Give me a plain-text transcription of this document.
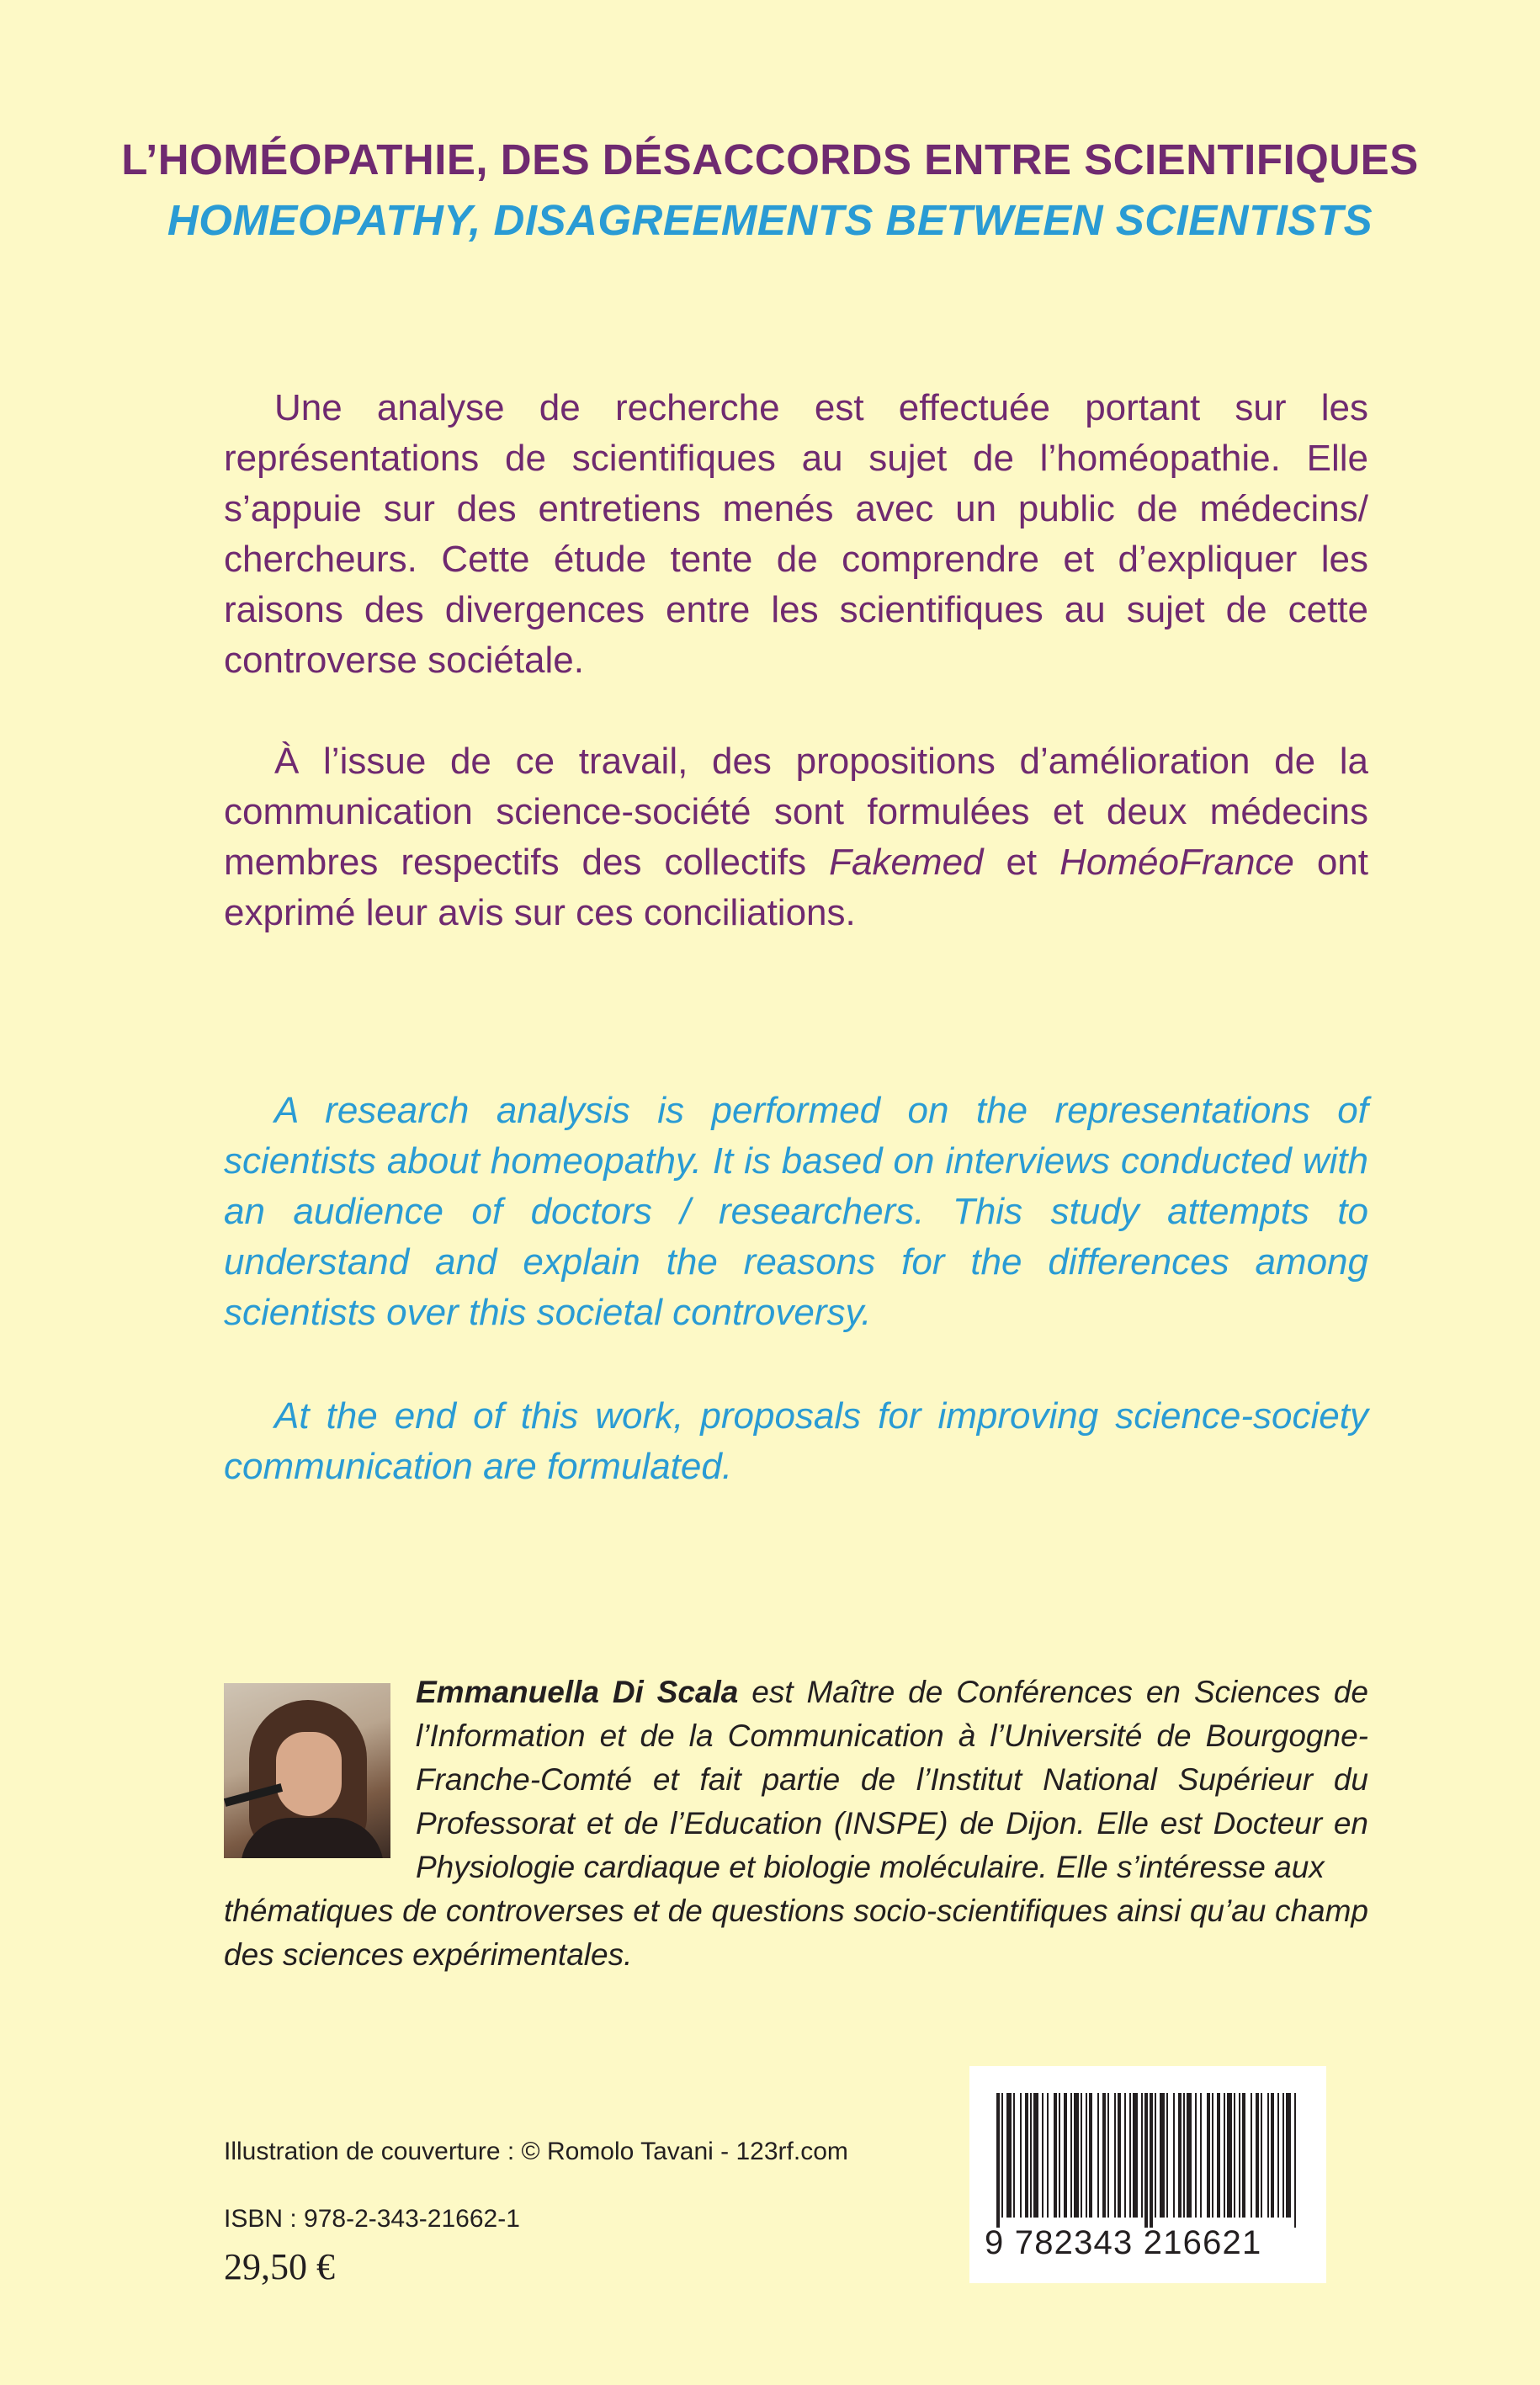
L’HOMÉOPATHIE, DES DÉSACCORDS ENTRE SCIENTIFIQUES
HOMEOPATHY, DISAGREEMENTS BETWEEN SCIENTISTS

Une analyse de recherche est effectuée portant sur les représentations de scientifiques au sujet de l’homéopathie. Elle s’appuie sur des entretiens menés avec un public de médecins/ chercheurs. Cette étude tente de comprendre et d’expliquer les raisons des divergences entre les scientifiques au sujet de cette controverse sociétale.

À l’issue de ce travail, des propositions d’amélioration de la communication science-société sont formulées et deux médecins membres respectifs des collectifs Fakemed et HoméoFrance ont exprimé leur avis sur ces conciliations.

A research analysis is performed on the representations of scientists about homeopathy. It is based on interviews conducted with an audience of doctors / researchers. This study attempts to understand and explain the reasons for the differences among scientists over this societal controversy.

At the end of this work, proposals for improving science-society communication are formulated.

Emmanuella Di Scala est Maître de Conférences en Sciences de l’Information et de la Communication à l’Université de Bourgogne-Franche-Comté et fait partie de l’Institut National Supérieur du Professorat et de l’Education (INSPE) de Dijon. Elle est Docteur en Physiologie cardiaque et biologie moléculaire. Elle s’intéresse aux

thématiques de controverses et de questions socio-scientifiques ainsi qu’au champ des sciences expérimentales.

Illustration de couverture : © Romolo Tavani - 123rf.com
ISBN : 978-2-343-21662-1
29,50 €
9 782343 216621
